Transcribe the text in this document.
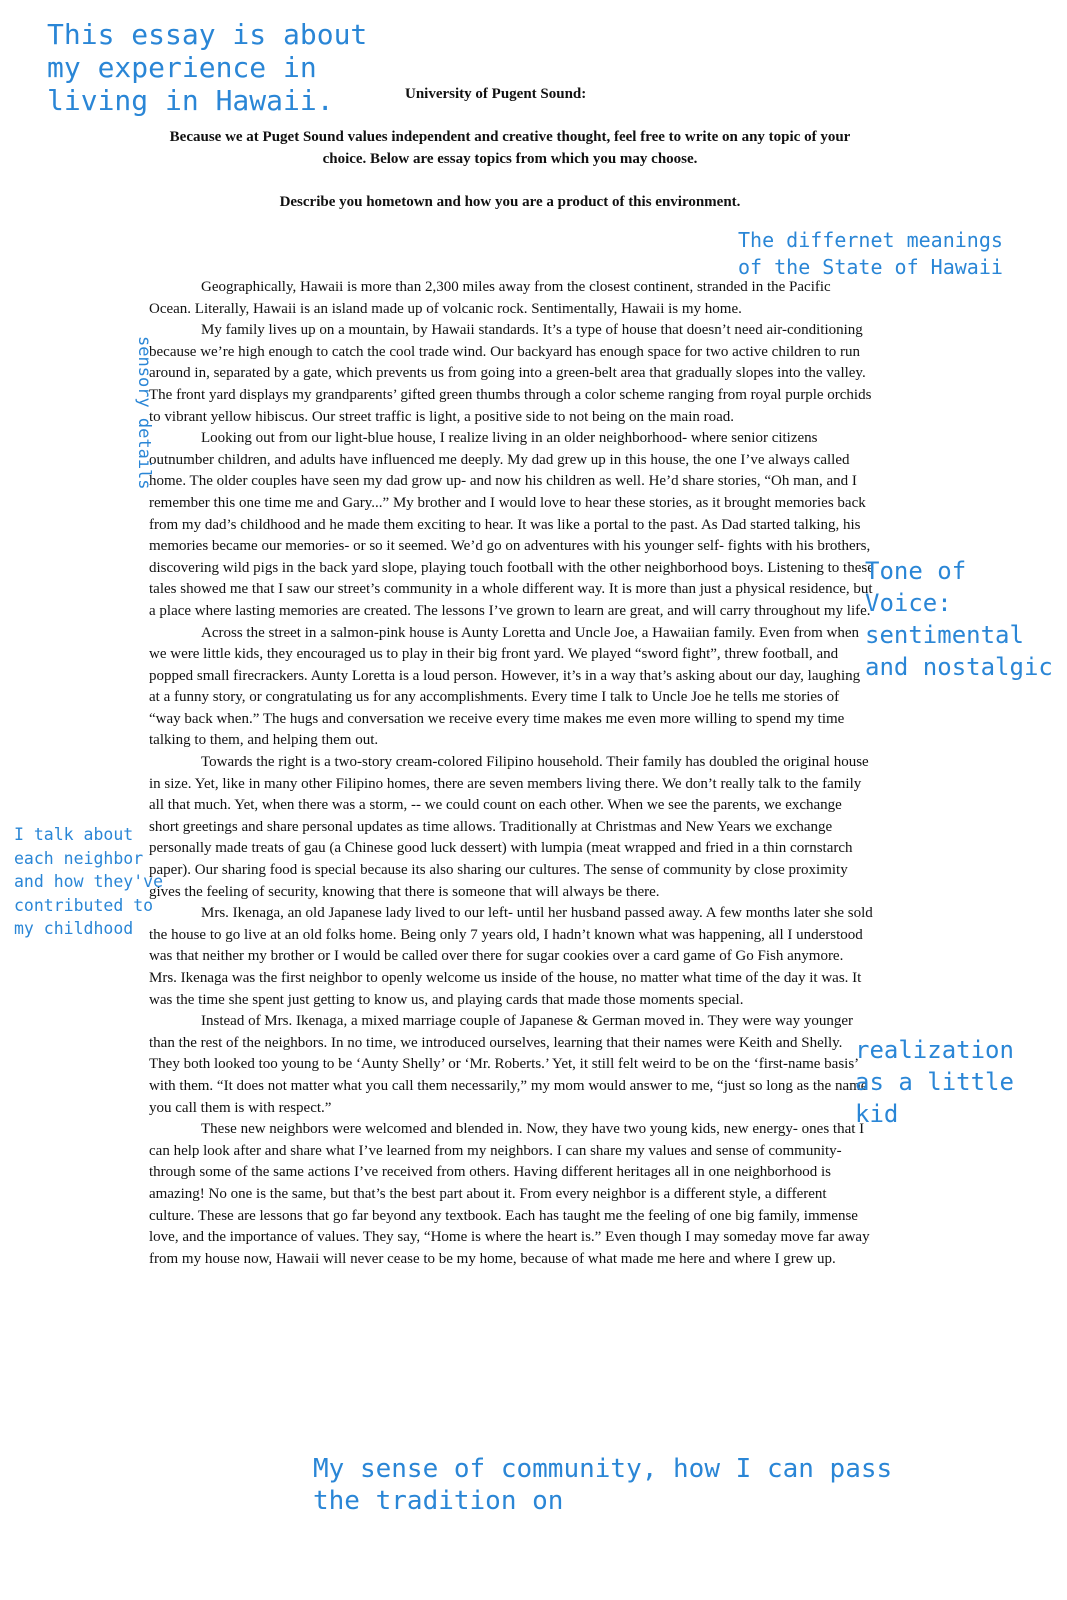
University of Pugent Sound:
Because we at Puget Sound values independent and creative thought, feel free to write on any topic of your choice. Below are essay topics from which you may choose.
Describe you hometown and how you are a product of this environment.

Geographically, Hawaii is more than 2,300 miles away from the closest continent, stranded in the Pacific Ocean. Literally, Hawaii is an island made up of volcanic rock. Sentimentally, Hawaii is my home.

My family lives up on a mountain, by Hawaii standards. It’s a type of house that doesn’t need air-conditioning because we’re high enough to catch the cool trade wind. Our backyard has enough space for two active children to run around in, separated by a gate, which prevents us from going into a green-belt area that gradually slopes into the valley. The front yard displays my grandparents’ gifted green thumbs through a color scheme ranging from royal purple orchids to vibrant yellow hibiscus. Our street traffic is light, a positive side to not being on the main road.

Looking out from our light-blue house, I realize living in an older neighborhood- where senior citizens outnumber children, and adults have influenced me deeply. My dad grew up in this house, the one I’ve always called home. The older couples have seen my dad grow up- and now his children as well. He’d share stories, “Oh man, and I remember this one time me and Gary...” My brother and I would love to hear these stories, as it brought memories back from my dad’s childhood and he made them exciting to hear. It was like a portal to the past. As Dad started talking, his memories became our memories- or so it seemed. We’d go on adventures with his younger self- fights with his brothers, discovering wild pigs in the back yard slope, playing touch football with the other neighborhood boys. Listening to these tales showed me that I saw our street’s community in a whole different way. It is more than just a physical residence, but a place where lasting memories are created. The lessons I’ve grown to learn are great, and will carry throughout my life.

Across the street in a salmon-pink house is Aunty Loretta and Uncle Joe, a Hawaiian family. Even from when we were little kids, they encouraged us to play in their big front yard. We played “sword fight”, threw football, and popped small firecrackers. Aunty Loretta is a loud person. However, it’s in a way that’s asking about our day, laughing at a funny story, or congratulating us for any accomplishments. Every time I talk to Uncle Joe he tells me stories of “way back when.” The hugs and conversation we receive every time makes me even more willing to spend my time talking to them, and helping them out.

Towards the right is a two-story cream-colored Filipino household. Their family has doubled the original house in size. Yet, like in many other Filipino homes, there are seven members living there. We don’t really talk to the family all that much. Yet, when there was a storm, -- we could count on each other. When we see the parents, we exchange short greetings and share personal updates as time allows. Traditionally at Christmas and New Years we exchange personally made treats of gau (a Chinese good luck dessert) with lumpia (meat wrapped and fried in a thin cornstarch paper). Our sharing food is special because its also sharing our cultures. The sense of community by close proximity gives the feeling of security, knowing that there is someone that will always be there.

Mrs. Ikenaga, an old Japanese lady lived to our left- until her husband passed away. A few months later she sold the house to go live at an old folks home. Being only 7 years old, I hadn’t known what was happening, all I understood was that neither my brother or I would be called over there for sugar cookies over a card game of Go Fish anymore. Mrs. Ikenaga was the first neighbor to openly welcome us inside of the house, no matter what time of the day it was. It was the time she spent just getting to know us, and playing cards that made those moments special.

Instead of Mrs. Ikenaga, a mixed marriage couple of Japanese & German moved in. They were way younger than the rest of the neighbors. In no time, we introduced ourselves, learning that their names were Keith and Shelly. They both looked too young to be ‘Aunty Shelly’ or ‘Mr. Roberts.’ Yet, it still felt weird to be on the ‘first-name basis’ with them. “It does not matter what you call them necessarily,” my mom would answer to me, “just so long as the name you call them is with respect.”

These new neighbors were welcomed and blended in. Now, they have two young kids, new energy- ones that I can help look after and share what I’ve learned from my neighbors. I can share my values and sense of community- through some of the same actions I’ve received from others. Having different heritages all in one neighborhood is amazing! No one is the same, but that’s the best part about it. From every neighbor is a different style, a different culture. These are lessons that go far beyond any textbook. Each has taught me the feeling of one big family, immense love, and the importance of values. They say, “Home is where the heart is.” Even though I may someday move far away from my house now, Hawaii will never cease to be my home, because of what made me here and where I grew up.

This essay is about
my experience in
living in Hawaii.
The differnet meanings
of the State of Hawaii
sensory details
Tone of Voice:
sentimental
and nostalgic
I talk about
each neighbor
and how they've
contributed to
my childhood
realization
as a little
kid
My sense of community, how I can pass
the tradition on
